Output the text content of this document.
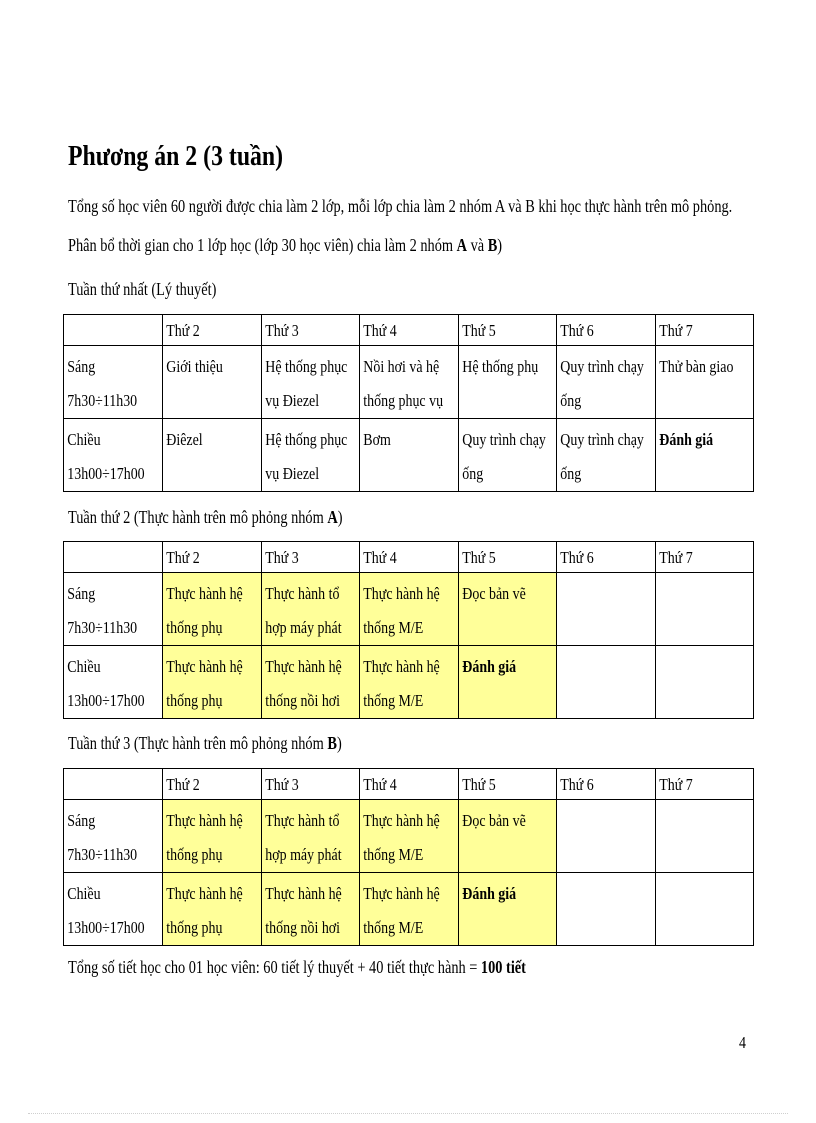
Phương án 2 (3 tuần)
Tổng số học viên 60 người được chia làm 2 lớp, mỗi lớp chia làm 2 nhóm A và B khi học thực hành trên mô phỏng.
Phân bổ thời gian cho 1 lớp học (lớp 30 học viên) chia làm 2 nhóm A và B)
Tuần thứ nhất (Lý thuyết)

	Thứ 2	Thứ 3	Thứ 4	Thứ 5	Thứ 6	Thứ 7

Sáng
7h30÷11h30	Giới thiệu	Hệ thống phục vụ Điezel	Nồi hơi và hệ thống phục vụ	Hệ thống phụ	Quy trình chạy ống	Thử bàn giao

Chiều
13h00÷17h00	Điêzel	Hệ thống phục vụ Điezel	Bơm	Quy trình chạy ống	Quy trình chạy ống	Đánh giá
Tuần thứ 2 (Thực hành trên mô phỏng nhóm A)

	Thứ 2	Thứ 3	Thứ 4	Thứ 5	Thứ 6	Thứ 7

Sáng
7h30÷11h30	Thực hành hệ thống phụ	Thực hành tổ hợp máy phát	Thực hành hệ thống M/E	Đọc bản vẽ		

Chiều
13h00÷17h00	Thực hành hệ thống phụ	Thực hành hệ thống nồi hơi	Thực hành hệ thống M/E	Đánh giá		

Tuần thứ 3 (Thực hành trên mô phỏng nhóm B)

	Thứ 2	Thứ 3	Thứ 4	Thứ 5	Thứ 6	Thứ 7

Sáng
7h30÷11h30	Thực hành hệ thống phụ	Thực hành tổ hợp máy phát	Thực hành hệ thống M/E	Đọc bản vẽ		

Chiều
13h00÷17h00	Thực hành hệ thống phụ	Thực hành hệ thống nồi hơi	Thực hành hệ thống M/E	Đánh giá		

Tổng số tiết học cho 01 học viên: 60 tiết lý thuyết + 40 tiết thực hành = 100 tiết
4
